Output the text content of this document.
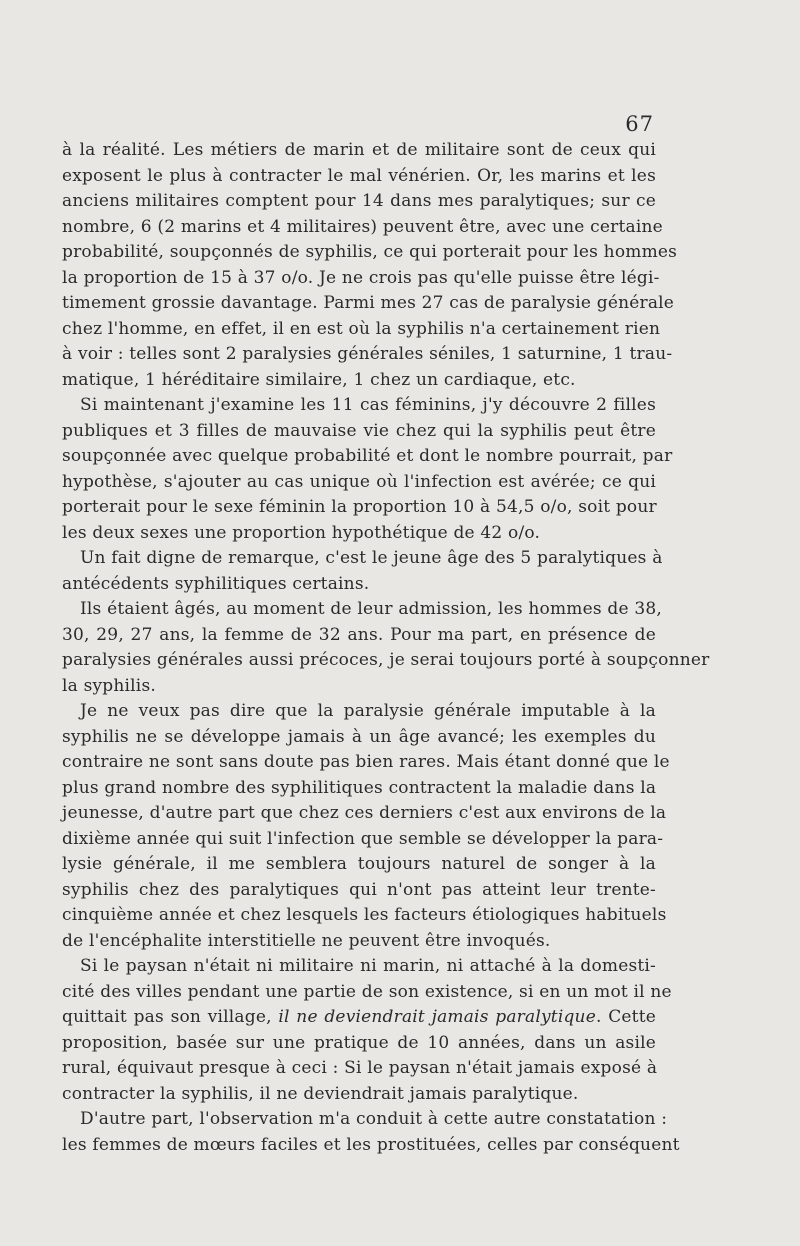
67

à la réalité. Les métiers de marin et de militaire sont de ceux qui
exposent le plus à contracter le mal vénérien. Or, les marins et les
anciens militaires comptent pour 14 dans mes paralytiques; sur ce
nombre, 6 (2 marins et 4 militaires) peuvent être, avec une certaine
probabilité, soupçonnés de syphilis, ce qui porterait pour les hommes
la proportion de 15 à 37 o/o. Je ne crois pas qu'elle puisse être légi-
timement grossie davantage. Parmi mes 27 cas de paralysie générale
chez l'homme, en effet, il en est où la syphilis n'a certainement rien
à voir : telles sont 2 paralysies générales séniles, 1 saturnine, 1 trau-
matique, 1 héréditaire similaire, 1 chez un cardiaque, etc.

Si maintenant j'examine les 11 cas féminins, j'y découvre 2 filles
publiques et 3 filles de mauvaise vie chez qui la syphilis peut être
soupçonnée avec quelque probabilité et dont le nombre pourrait, par
hypothèse, s'ajouter au cas unique où l'infection est avérée; ce qui
porterait pour le sexe féminin la proportion 10 à 54,5 o/o, soit pour
les deux sexes une proportion hypothétique de 42 o/o.

Un fait digne de remarque, c'est le jeune âge des 5 paralytiques à
antécédents syphilitiques certains.

Ils étaient âgés, au moment de leur admission, les hommes de 38,
30, 29, 27 ans, la femme de 32 ans. Pour ma part, en présence de
paralysies générales aussi précoces, je serai toujours porté à soupçonner
la syphilis.

Je ne veux pas dire que la paralysie générale imputable à la
syphilis ne se développe jamais à un âge avancé; les exemples du
contraire ne sont sans doute pas bien rares. Mais étant donné que le
plus grand nombre des syphilitiques contractent la maladie dans la
jeunesse, d'autre part que chez ces derniers c'est aux environs de la
dixième année qui suit l'infection que semble se développer la para-
lysie générale, il me semblera toujours naturel de songer à la
syphilis chez des paralytiques qui n'ont pas atteint leur trente-
cinquième année et chez lesquels les facteurs étiologiques habituels
de l'encéphalite interstitielle ne peuvent être invoqués.

Si le paysan n'était ni militaire ni marin, ni attaché à la domesti-
cité des villes pendant une partie de son existence, si en un mot il ne
quittait pas son village, il ne deviendrait jamais paralytique. Cette
proposition, basée sur une pratique de 10 années, dans un asile
rural, équivaut presque à ceci : Si le paysan n'était jamais exposé à
contracter la syphilis, il ne deviendrait jamais paralytique.

D'autre part, l'observation m'a conduit à cette autre constatation :
les femmes de mœurs faciles et les prostituées, celles par conséquent
